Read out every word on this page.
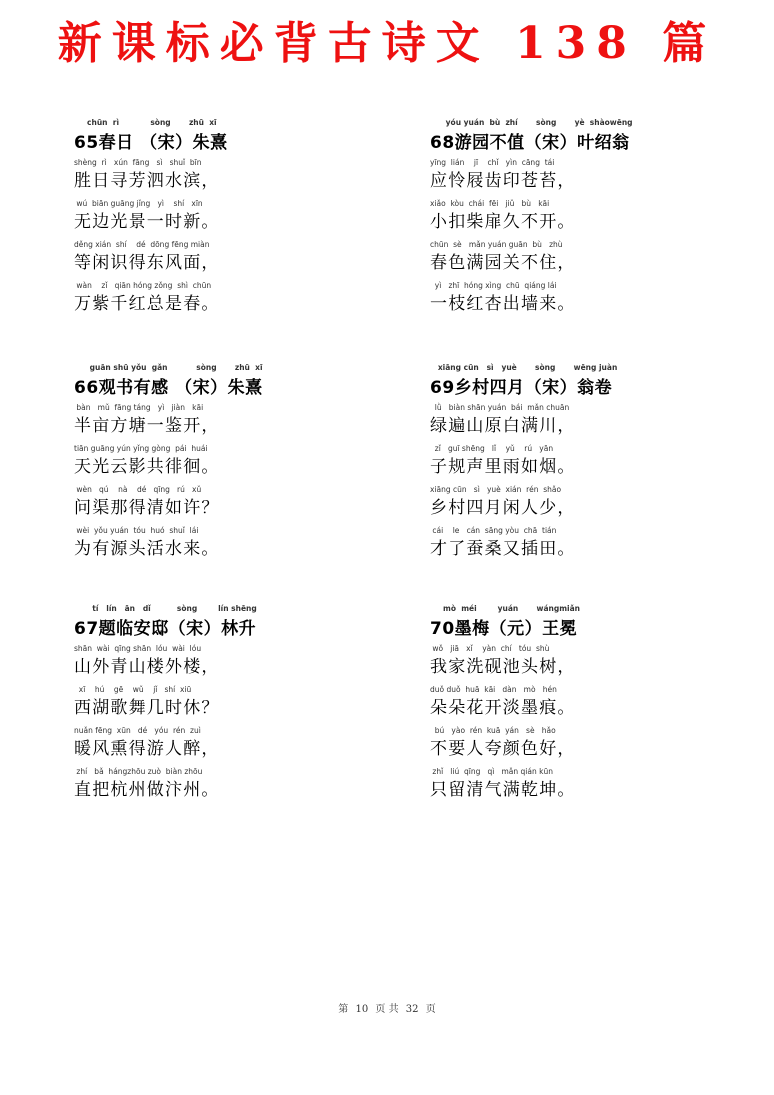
新课标必背古诗文 138 篇
chūn  rì            sòng       zhū  xī
65春日 （宋）朱熹
shèng  rì   xún  fāng   sì   shuǐ  bīn
胜日寻芳泗水滨，
wú  biān guāng jǐng   yì    shí   xīn
无边光景一时新。
děng xián  shí    dé  dōng fēng miàn
等闲识得东风面，
wàn    zǐ   qiān hóng zǒng  shì  chūn
万紫千红总是春。
guān shū yǒu  gǎn           sòng       zhū  xī
66观书有感 （宋）朱熹
bàn   mǔ  fāng táng   yì   jiàn   kāi
半亩方塘一鉴开，
tiān guāng yún yǐng gòng  pái  huái
天光云影共徘徊。
wèn   qú    nà    dé   qīng   rú   xǔ
问渠那得清如许？
wèi  yǒu yuán  tóu  huó  shuǐ  lái
为有源头活水来。
tí   lín   ān   dǐ          sòng        lín shēng
67题临安邸（宋）林升
shān  wài  qīng shān  lóu  wài  lóu
山外青山楼外楼，
xī    hú    gē    wǔ    jǐ   shí  xiū
西湖歌舞几时休？
nuǎn fēng  xūn   dé   yóu  rén  zuì
暖风熏得游人醉，
zhí   bǎ  hángzhōu zuò  biàn zhōu
直把杭州做汴州。
yóu yuán  bù  zhí       sòng       yè  shàowēng
68游园不值（宋）叶绍翁
yīng  lián    jī    chǐ   yìn  cāng  tái
应怜屐齿印苍苔，
xiǎo  kòu  chái  fēi   jiǔ   bù   kāi
小扣柴扉久不开。
chūn  sè   mǎn yuán guān  bù   zhù
春色满园关不住，
yì   zhī  hóng xìng  chū  qiáng lái
一枝红杏出墙来。
xiāng cūn   sì   yuè       sòng       wēng juàn
69乡村四月（宋）翁卷
lǜ   biàn shān yuán  bái  mǎn chuān
绿遍山原白满川，
zǐ   guī shēng   lǐ    yǔ    rú   yān
子规声里雨如烟。
xiāng cūn   sì   yuè  xián  rén  shǎo
乡村四月闲人少，
cái    le   cán  sāng yòu  chā  tián
才了蚕桑又插田。
mò  méi        yuán       wángmiǎn
70墨梅（元）王冕
wǒ   jiā   xǐ    yàn  chí   tóu  shù
我家洗砚池头树，
duǒ duǒ  huā  kāi   dàn   mò   hén
朵朵花开淡墨痕。
bú   yào  rén  kuā  yán   sè   hǎo
不要人夸颜色好，
zhǐ   liú  qīng   qì   mǎn qián kūn
只留清气满乾坤。
第 10 页 共 32 页
